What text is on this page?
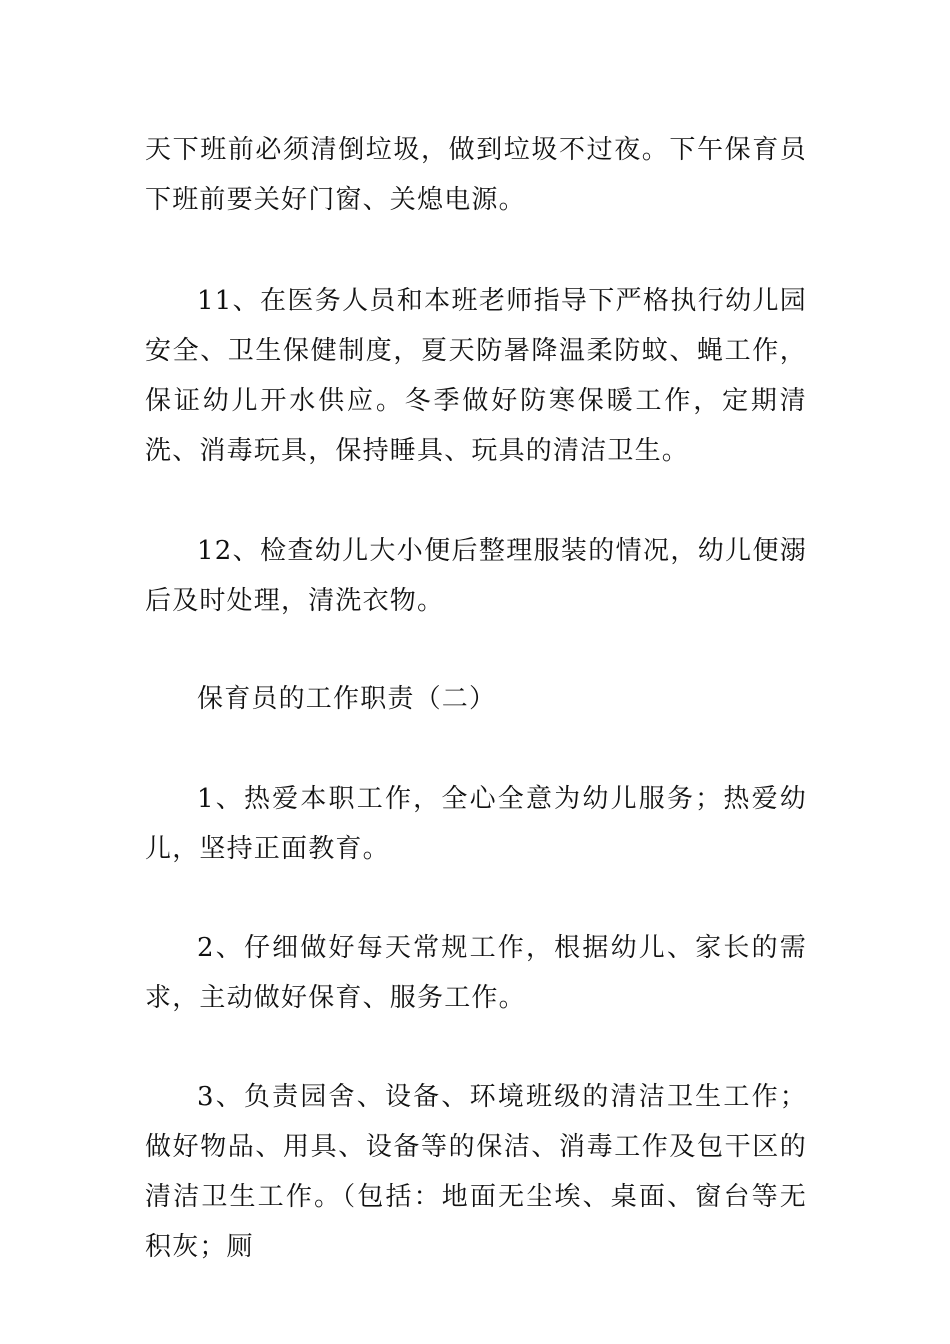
天下班前必须清倒垃圾，做到垃圾不过夜。下午保育员下班前要关好门窗、关熄电源。

11、在医务人员和本班老师指导下严格执行幼儿园安全、卫生保健制度，夏天防暑降温柔防蚊、蝇工作，保证幼儿开水供应。冬季做好防寒保暖工作，定期清洗、消毒玩具，保持睡具、玩具的清洁卫生。

12、检查幼儿大小便后整理服装的情况，幼儿便溺后及时处理，清洗衣物。

保育员的工作职责（二）

1、热爱本职工作，全心全意为幼儿服务；热爱幼儿，坚持正面教育。

2、仔细做好每天常规工作，根据幼儿、家长的需求，主动做好保育、服务工作。

3、负责园舍、设备、环境班级的清洁卫生工作；做好物品、用具、设备等的保洁、消毒工作及包干区的清洁卫生工作。（包括：地面无尘埃、桌面、窗台等无积灰；厕
